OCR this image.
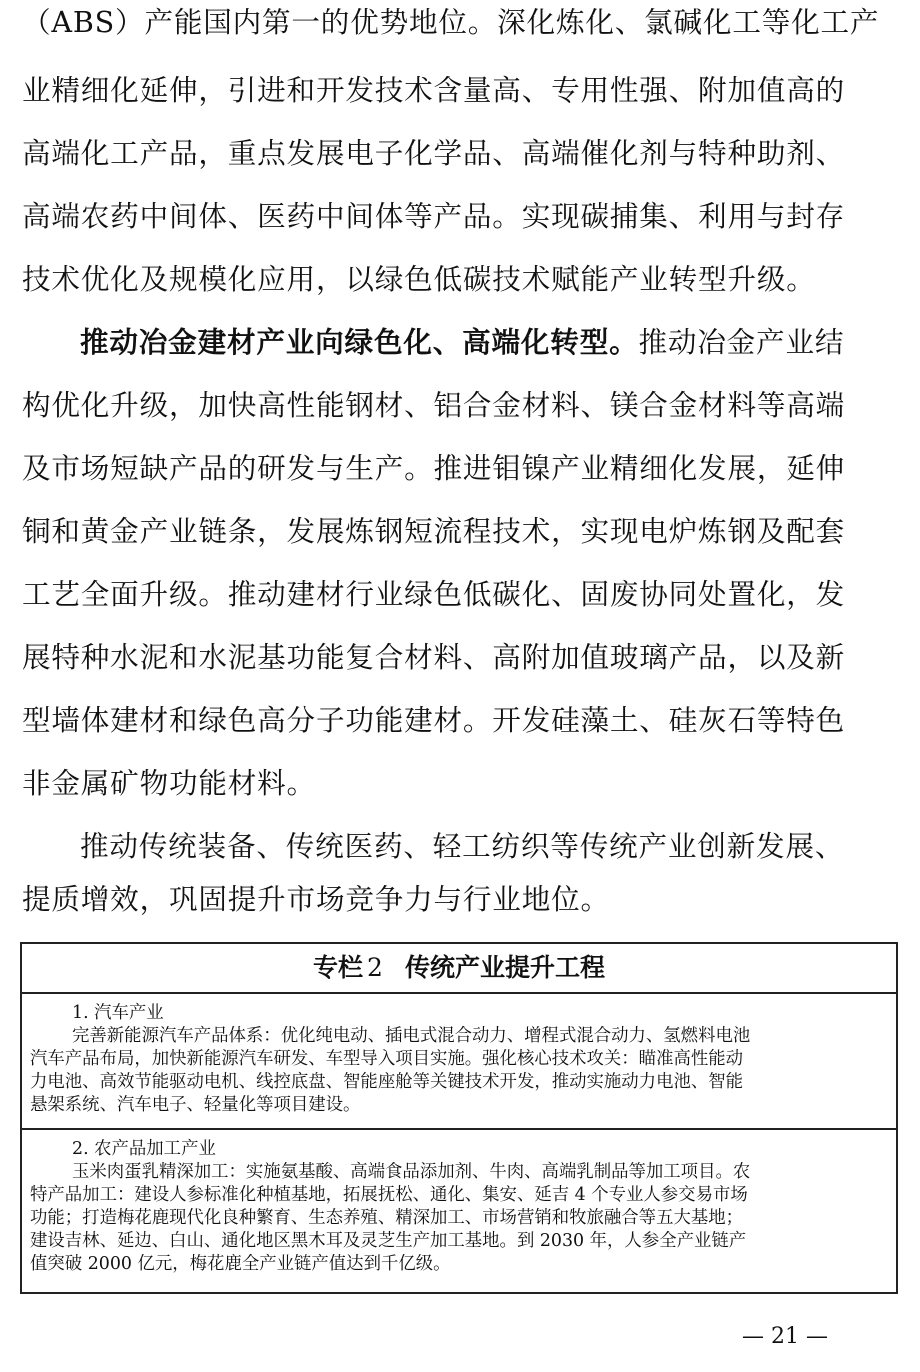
（ABS）产能国内第一的优势地位。深化炼化、氯碱化工等化工产
业精细化延伸，引进和开发技术含量高、专用性强、附加值高的
高端化工产品，重点发展电子化学品、高端催化剂与特种助剂、
高端农药中间体、医药中间体等产品。实现碳捕集、利用与封存
技术优化及规模化应用，以绿色低碳技术赋能产业转型升级。
推动冶金建材产业向绿色化、高端化转型。推动冶金产业结
构优化升级，加快高性能钢材、铝合金材料、镁合金材料等高端
及市场短缺产品的研发与生产。推进钼镍产业精细化发展，延伸
铜和黄金产业链条，发展炼钢短流程技术，实现电炉炼钢及配套
工艺全面升级。推动建材行业绿色低碳化、固废协同处置化，发
展特种水泥和水泥基功能复合材料、高附加值玻璃产品，以及新
型墙体建材和绿色高分子功能建材。开发硅藻土、硅灰石等特色
非金属矿物功能材料。
推动传统装备、传统医药、轻工纺织等传统产业创新发展、
提质增效，巩固提升市场竞争力与行业地位。
专栏 2 传统产业提升工程
1. 汽车产业
完善新能源汽车产品体系：优化纯电动、插电式混合动力、增程式混合动力、氢燃料电池
汽车产品布局，加快新能源汽车研发、车型导入项目实施。强化核心技术攻关：瞄准高性能动
力电池、高效节能驱动电机、线控底盘、智能座舱等关键技术开发，推动实施动力电池、智能
悬架系统、汽车电子、轻量化等项目建设。
2. 农产品加工产业
玉米肉蛋乳精深加工：实施氨基酸、高端食品添加剂、牛肉、高端乳制品等加工项目。农
特产品加工：建设人参标准化种植基地，拓展抚松、通化、集安、延吉 4 个专业人参交易市场
功能；打造梅花鹿现代化良种繁育、生态养殖、精深加工、市场营销和牧旅融合等五大基地；
建设吉林、延边、白山、通化地区黑木耳及灵芝生产加工基地。到 2030 年，人参全产业链产
值突破 2000 亿元，梅花鹿全产业链产值达到千亿级。
— 21 —
